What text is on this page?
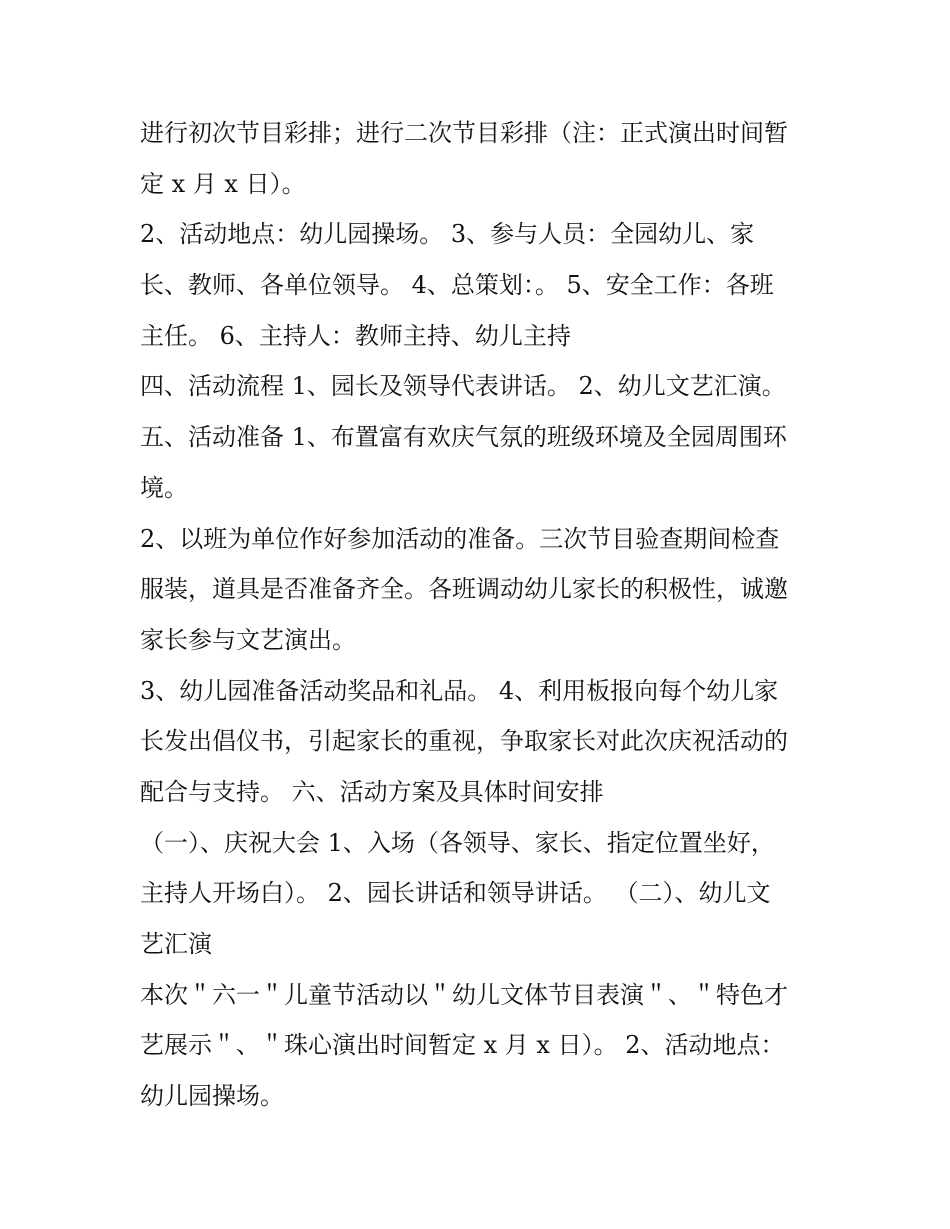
进行初次节目彩排；进行二次节目彩排（注：正式演出时间暂
定 x 月 x 日）。
2、活动地点：幼儿园操场。 3、参与人员：全园幼儿、家
长、教师、各单位领导。 4、总策划：。 5、安全工作：各班
主任。 6、主持人：教师主持、幼儿主持
四、活动流程 1、园长及领导代表讲话。 2、幼儿文艺汇演。
五、活动准备 1、布置富有欢庆气氛的班级环境及全园周围环
境。
2、以班为单位作好参加活动的准备。三次节目验查期间检查
服装，道具是否准备齐全。各班调动幼儿家长的积极性，诚邀
家长参与文艺演出。
3、幼儿园准备活动奖品和礼品。 4、利用板报向每个幼儿家
长发出倡仪书，引起家长的重视，争取家长对此次庆祝活动的
配合与支持。 六、活动方案及具体时间安排
（一）、庆祝大会 1、入场（各领导、家长、指定位置坐好，
主持人开场白）。 2、园长讲话和领导讲话。 （二）、幼儿文
艺汇演
本次＂六一＂儿童节活动以＂幼儿文体节目表演＂、＂特色才
艺展示＂、＂珠心演出时间暂定 x 月 x 日）。 2、活动地点：
幼儿园操场。
